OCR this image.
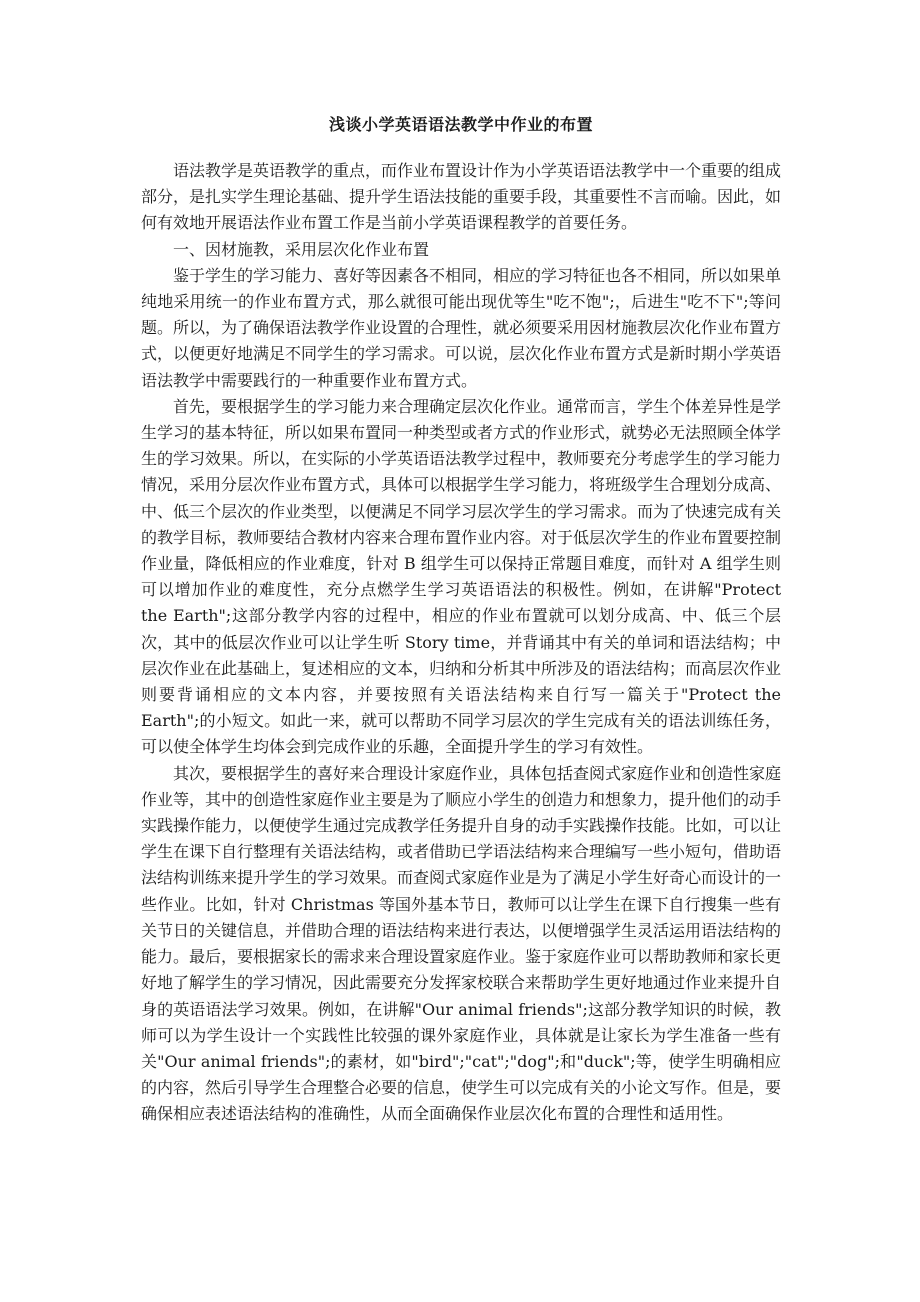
浅谈小学英语语法教学中作业的布置

语法教学是英语教学的重点，而作业布置设计作为小学英语语法教学中一个重要的组成部分，是扎实学生理论基础、提升学生语法技能的重要手段，其重要性不言而喻。因此，如何有效地开展语法作业布置工作是当前小学英语课程教学的首要任务。

一、因材施教，采用层次化作业布置

鉴于学生的学习能力、喜好等因素各不相同，相应的学习特征也各不相同，所以如果单纯地采用统一的作业布置方式，那么就很可能出现优等生"吃不饱";，后进生"吃不下";等问题。所以，为了确保语法教学作业设置的合理性，就必须要采用因材施教层次化作业布置方式，以便更好地满足不同学生的学习需求。可以说，层次化作业布置方式是新时期小学英语语法教学中需要践行的一种重要作业布置方式。

首先，要根据学生的学习能力来合理确定层次化作业。通常而言，学生个体差异性是学生学习的基本特征，所以如果布置同一种类型或者方式的作业形式，就势必无法照顾全体学生的学习效果。所以，在实际的小学英语语法教学过程中，教师要充分考虑学生的学习能力情况，采用分层次作业布置方式，具体可以根据学生学习能力，将班级学生合理划分成高、中、低三个层次的作业类型，以便满足不同学习层次学生的学习需求。而为了快速完成有关的教学目标，教师要结合教材内容来合理布置作业内容。对于低层次学生的作业布置要控制作业量，降低相应的作业难度，针对 B 组学生可以保持正常题目难度，而针对 A 组学生则可以增加作业的难度性，充分点燃学生学习英语语法的积极性。例如，在讲解"Protect the Earth";这部分教学内容的过程中，相应的作业布置就可以划分成高、中、低三个层次，其中的低层次作业可以让学生听 Story time，并背诵其中有关的单词和语法结构；中层次作业在此基础上，复述相应的文本，归纳和分析其中所涉及的语法结构；而高层次作业则要背诵相应的文本内容，并要按照有关语法结构来自行写一篇关于"Protect the Earth";的小短文。如此一来，就可以帮助不同学习层次的学生完成有关的语法训练任务，可以使全体学生均体会到完成作业的乐趣，全面提升学生的学习有效性。

其次，要根据学生的喜好来合理设计家庭作业，具体包括查阅式家庭作业和创造性家庭作业等，其中的创造性家庭作业主要是为了顺应小学生的创造力和想象力，提升他们的动手实践操作能力，以便使学生通过完成教学任务提升自身的动手实践操作技能。比如，可以让学生在课下自行整理有关语法结构，或者借助已学语法结构来合理编写一些小短句，借助语法结构训练来提升学生的学习效果。而查阅式家庭作业是为了满足小学生好奇心而设计的一些作业。比如，针对 Christmas 等国外基本节日，教师可以让学生在课下自行搜集一些有关节日的关键信息，并借助合理的语法结构来进行表达，以便增强学生灵活运用语法结构的能力。最后，要根据家长的需求来合理设置家庭作业。鉴于家庭作业可以帮助教师和家长更好地了解学生的学习情况，因此需要充分发挥家校联合来帮助学生更好地通过作业来提升自身的英语语法学习效果。例如，在讲解"Our animal friends";这部分教学知识的时候，教师可以为学生设计一个实践性比较强的课外家庭作业，具体就是让家长为学生准备一些有关"Our animal friends";的素材，如"bird";"cat";"dog";和"duck";等，使学生明确相应的内容，然后引导学生合理整合必要的信息，使学生可以完成有关的小论文写作。但是，要确保相应表述语法结构的准确性，从而全面确保作业层次化布置的合理性和适用性。
